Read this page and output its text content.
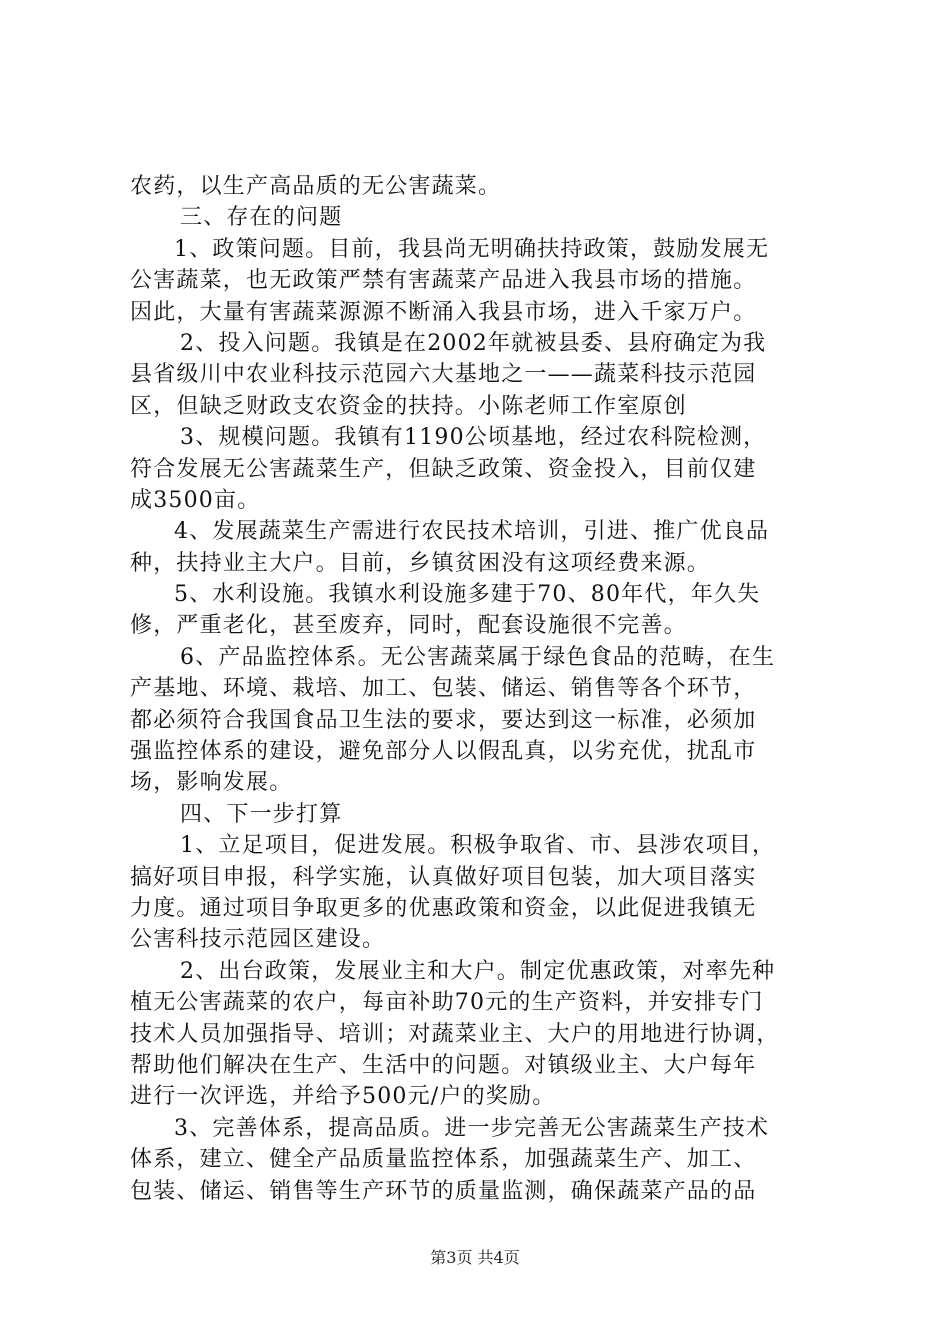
农药，以生产高品质的无公害蔬菜。
三、存在的问题
1、政策问题。目前，我县尚无明确扶持政策，鼓励发展无
公害蔬菜，也无政策严禁有害蔬菜产品进入我县市场的措施。
因此，大量有害蔬菜源源不断涌入我县市场，进入千家万户。
2、投入问题。我镇是在2002年就被县委、县府确定为我
县省级川中农业科技示范园六大基地之一——蔬菜科技示范园
区，但缺乏财政支农资金的扶持。小陈老师工作室原创
3、规模问题。我镇有1190公顷基地，经过农科院检测，
符合发展无公害蔬菜生产，但缺乏政策、资金投入，目前仅建
成3500亩。
4、发展蔬菜生产需进行农民技术培训，引进、推广优良品
种，扶持业主大户。目前，乡镇贫困没有这项经费来源。
5、水利设施。我镇水利设施多建于70、80年代，年久失
修，严重老化，甚至废弃，同时，配套设施很不完善。
6、产品监控体系。无公害蔬菜属于绿色食品的范畴，在生
产基地、环境、栽培、加工、包装、储运、销售等各个环节，
都必须符合我国食品卫生法的要求，要达到这一标准，必须加
强监控体系的建设，避免部分人以假乱真，以劣充优，扰乱市
场，影响发展。
四、下一步打算
1、立足项目，促进发展。积极争取省、市、县涉农项目，
搞好项目申报，科学实施，认真做好项目包装，加大项目落实
力度。通过项目争取更多的优惠政策和资金，以此促进我镇无
公害科技示范园区建设。
2、出台政策，发展业主和大户。制定优惠政策，对率先种
植无公害蔬菜的农户，每亩补助70元的生产资料，并安排专门
技术人员加强指导、培训；对蔬菜业主、大户的用地进行协调，
帮助他们解决在生产、生活中的问题。对镇级业主、大户每年
进行一次评选，并给予500元/户的奖励。
3、完善体系，提高品质。进一步完善无公害蔬菜生产技术
体系，建立、健全产品质量监控体系，加强蔬菜生产、加工、
包装、储运、销售等生产环节的质量监测，确保蔬菜产品的品
第3页 共4页
